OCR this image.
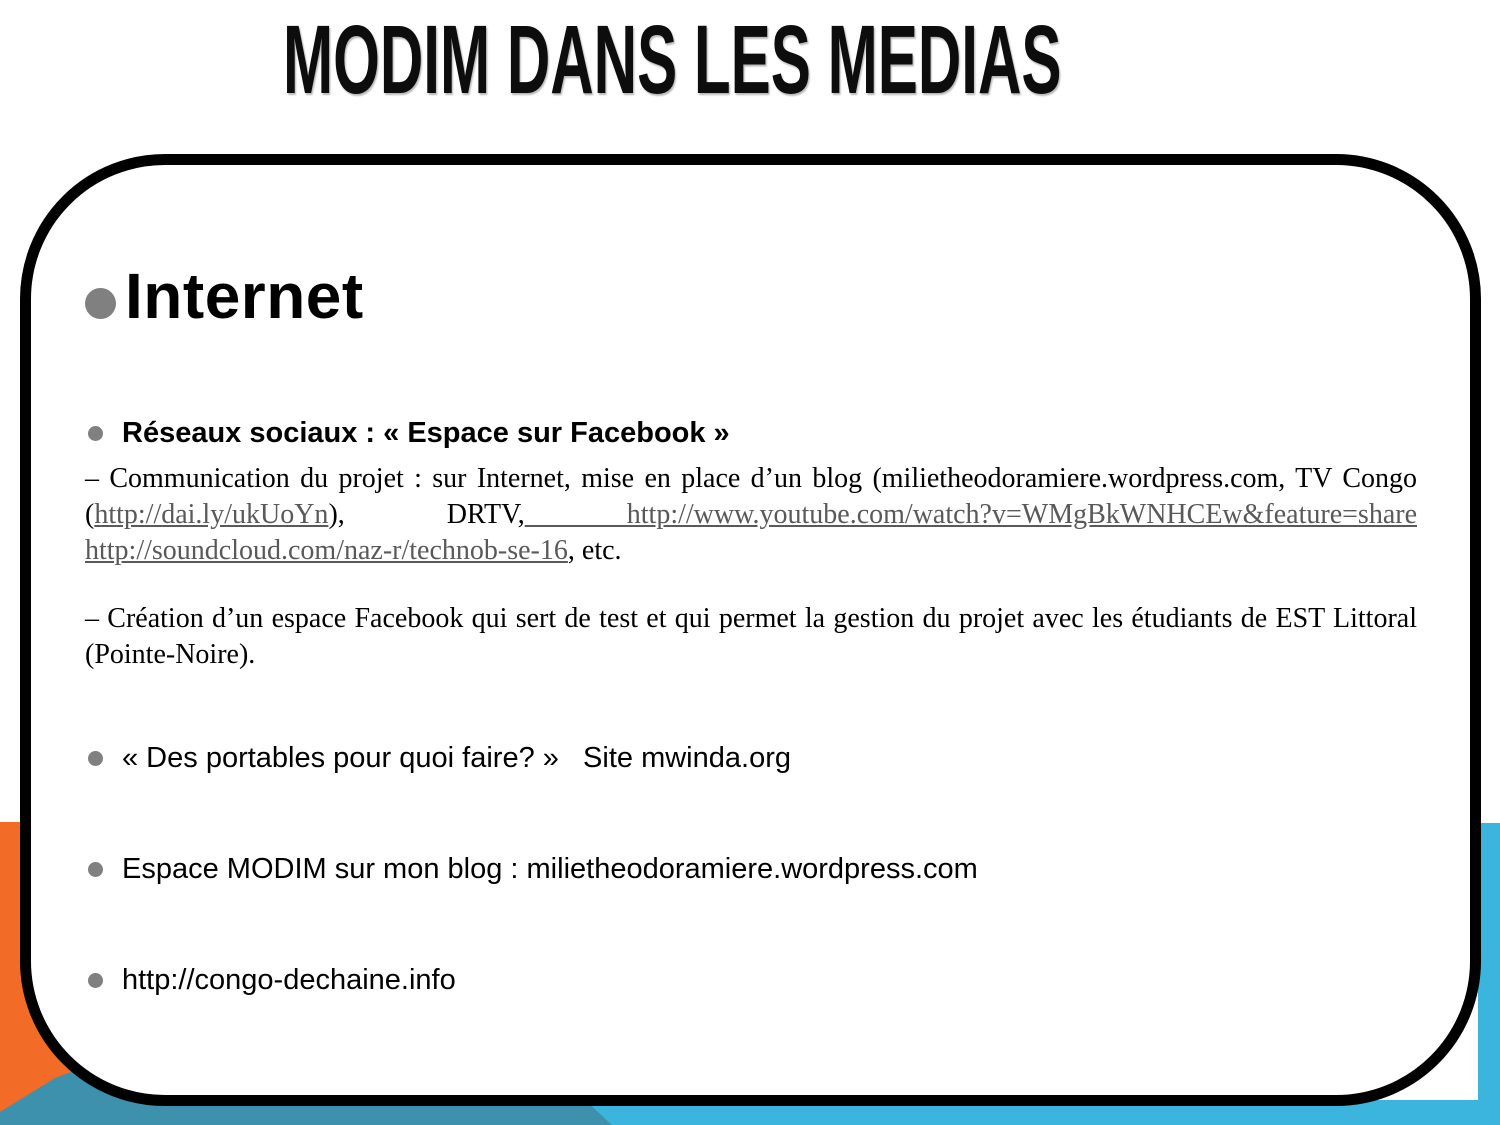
MODIM DANS LES MEDIAS
Internet
Réseaux sociaux : « Espace sur Facebook »
– Communication du projet : sur Internet, mise en place d’un blog (milietheodoramiere.wordpress.com, TV Congo (http://dai.ly/ukUoYn), DRTV, http://www.youtube.com/watch?v=WMgBkWNHCEw&feature=share http://soundcloud.com/naz-r/technob-se-16, etc.
– Création d’un espace Facebook qui sert de test et qui permet la gestion du projet avec les étudiants de EST Littoral (Pointe-Noire).
« Des portables pour quoi faire? »   Site mwinda.org
Espace MODIM sur mon blog : milietheodoramiere.wordpress.com
http://congo-dechaine.info
